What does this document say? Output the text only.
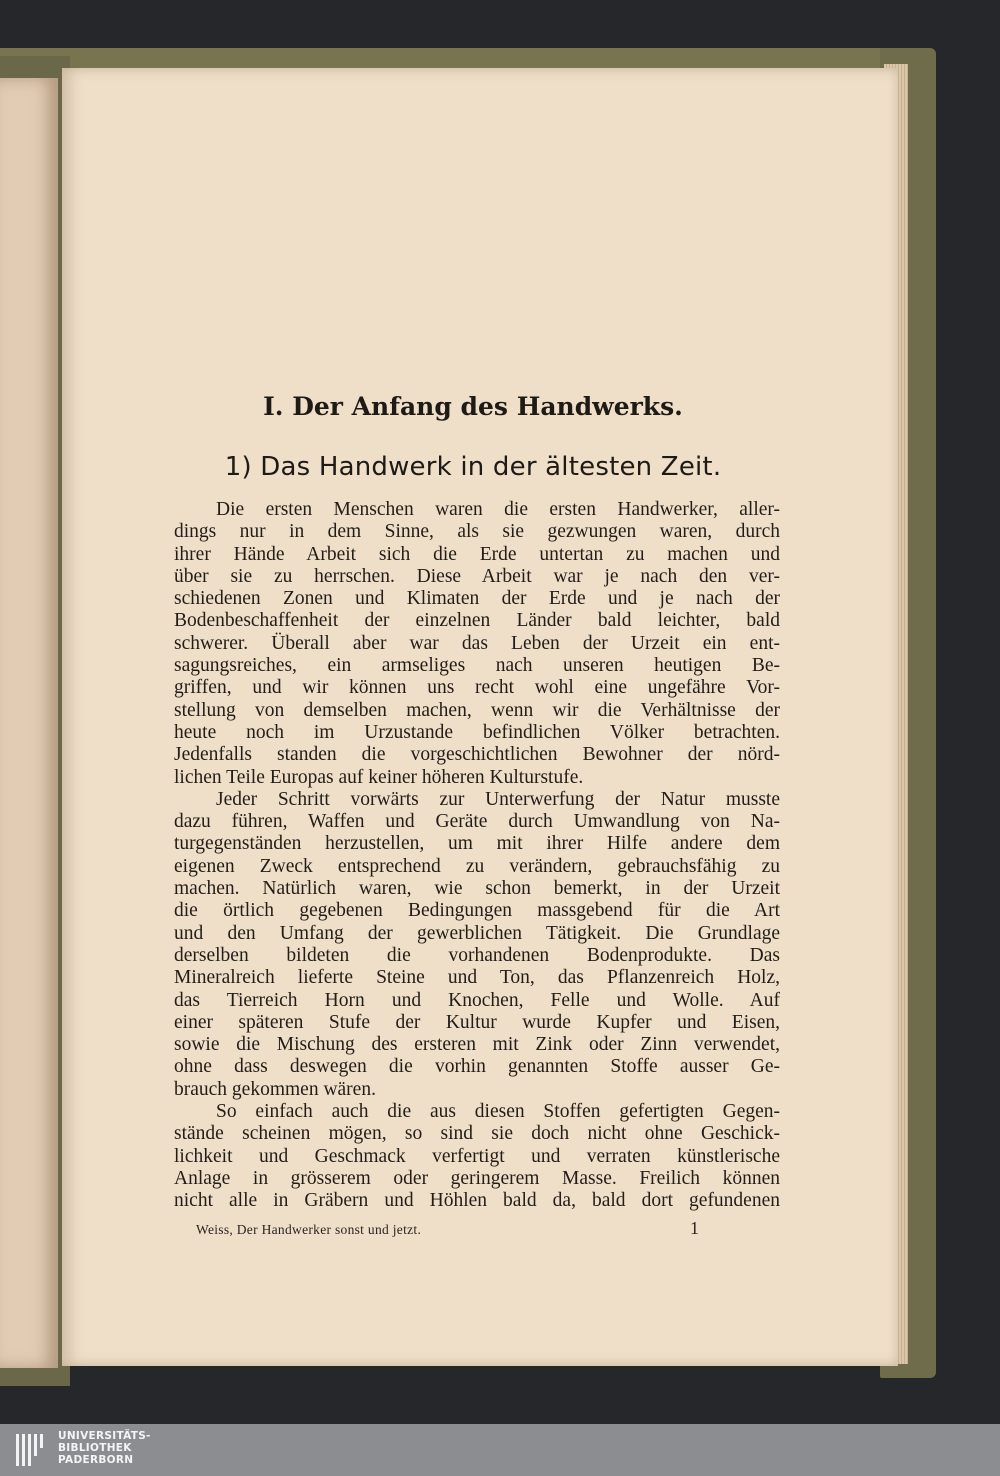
I. Der Anfang des Handwerks.
1) Das Handwerk in der ältesten Zeit.
Die ersten Menschen waren die ersten Handwerker, aller-
dings nur in dem Sinne, als sie gezwungen waren, durch
ihrer Hände Arbeit sich die Erde untertan zu machen und
über sie zu herrschen. Diese Arbeit war je nach den ver-
schiedenen Zonen und Klimaten der Erde und je nach der
Bodenbeschaffenheit der einzelnen Länder bald leichter, bald
schwerer. Überall aber war das Leben der Urzeit ein ent-
sagungsreiches, ein armseliges nach unseren heutigen Be-
griffen, und wir können uns recht wohl eine ungefähre Vor-
stellung von demselben machen, wenn wir die Verhältnisse der
heute noch im Urzustande befindlichen Völker betrachten.
Jedenfalls standen die vorgeschichtlichen Bewohner der nörd-
lichen Teile Europas auf keiner höheren Kulturstufe.
Jeder Schritt vorwärts zur Unterwerfung der Natur musste
dazu führen, Waffen und Geräte durch Umwandlung von Na-
turgegenständen herzustellen, um mit ihrer Hilfe andere dem
eigenen Zweck entsprechend zu verändern, gebrauchsfähig zu
machen. Natürlich waren, wie schon bemerkt, in der Urzeit
die örtlich gegebenen Bedingungen massgebend für die Art
und den Umfang der gewerblichen Tätigkeit. Die Grundlage
derselben bildeten die vorhandenen Bodenprodukte. Das
Mineralreich lieferte Steine und Ton, das Pflanzenreich Holz,
das Tierreich Horn und Knochen, Felle und Wolle. Auf
einer späteren Stufe der Kultur wurde Kupfer und Eisen,
sowie die Mischung des ersteren mit Zink oder Zinn verwendet,
ohne dass deswegen die vorhin genannten Stoffe ausser Ge-
brauch gekommen wären.
So einfach auch die aus diesen Stoffen gefertigten Gegen-
stände scheinen mögen, so sind sie doch nicht ohne Geschick-
lichkeit und Geschmack verfertigt und verraten künstlerische
Anlage in grösserem oder geringerem Masse. Freilich können
nicht alle in Gräbern und Höhlen bald da, bald dort gefundenen
Weiss, Der Handwerker sonst und jetzt.	1
UNIVERSITÄTS-
BIBLIOTHEK
PADERBORN
